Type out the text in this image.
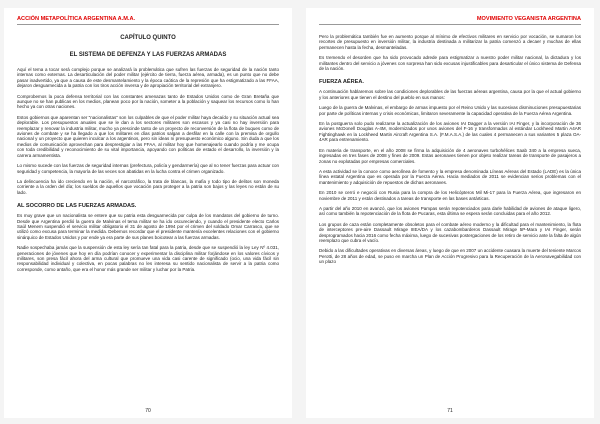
ACCIÓN METAPOLÍTICA ARGENTINA A.M.A.
CAPÍTULO QUINTO
EL SISTEMA DE DEFENZA Y LAS FUERZAS ARMADAS

Aquí el tema a tocar será complejo porque se analizará la problemática que sufren las fuerzas de seguridad de la nación tanto internas como externas. La desarticulación del poder militar (ejército de tierra, fuerza aérea, armada), es un punto que no debe pasar inadvertido, ya que a causa de este desmantelamiento y la época caótica de la represión que ha estigmatizado a las FFAA, dejaron desguarnecida a la patria con los tiros acción inversa y de apropiación territorial del extranjero.

Comprobemos la poca defensa territorial con las constantes amenazas tanto de Estados Unidos como de Gran Bretaña que aunque no se han publicas en los medios, planean poco por la nación, someter a la población y saquear los recursos como lo han hecho ya con otras naciones.

Estos gobiernos que aparentan ser "nacionalistas" son los culpables de que el poder militar haya decaído y su situación actual sea deplorable. Los presupuestos anuales que se le dan a los sectores militares son escasos y ya casi no hay inversión para reemplazar y renovar la industria militar, mucho ya prescinde tanto de un proyecto de reconversión de la flota de buques como de aviones de combate y se ha llegado a que los militares en días patrios salgan a desfilar en la calle con la premisa de orgullo nacional y un proyecto que quieren inculcar a los argentinos, pero sin ideas ni presupuesto económico alguno. Sin duda a que los medios de comunicación aprovechan para desprestigiar a las FFAA, al militar hoy que homenajearlo cuando podría y me ocupa con toda credibilidad y reconocimiento de su vital importancia, apoyando con políticas de estado el desarrollo, la inversión y la carrera armamentista.

Lo mismo sucede con las fuerzas de seguridad internas (prefectura, policía y gendarmería) que al no tener fuerzas para actuar con seguridad y competencia, la mayoría de las veces son abatidas en la lucha contra el crimen organizado.

La delincuencia ha ido creciendo en la nación, el narcotráfico, la trata de blancas, la mafia y todo tipo de delitos son moneda corriente a la orden del día; los sueldos de aquellos que vocación para proteger a la patria son bajos y las leyes no están de su lado.

AL SOCORRO DE LAS FUERZAS ARMADAS.

Es muy grave que un nacionalista se entere que su patria esta desguarnecida por culpa de los mandatos del gobierno de turno. Desde que Argentina perdió la guerra de Malvinas el tema militar se ha ido oscureciendo, y cuando el presidente electo Carlos Saúl Menem suspendió el servicio militar obligatorio el 31 de agosto de 1994 por el crimen del soldado Omar Carrasco, que se utilizó como excusa para terminar la medida. Debemos recordar que el presidente mantenía excelentes relaciones con el gobierno sinárquico de Estados Unidos y por ende ya era parte de sus planes boicotear a las fuerzas armadas.

Nadie sospechaba jamás que la suspensión de esta ley sería tan fatal para la patria, desde que se suspendió la ley Ley Nº 4.031, generaciones de jóvenes que hoy en día podrían conocer y experimentar la disciplina militar forjándose en los valores cívicos y militares, son presa fácil ahora del arma cultural que promueve una vida casi carente de significado (ocio, una vida fácil sin responsabilidad individual y colectiva, en pocas palabras no les interesa su sentido nacionalista de servir a la patria como corresponde, como antaño, que era el honor más grande ser militar y luchar por la Patria.

70
MOVIMIENTO VEGANISTA ARGENTINA

Pero la problemática también fue en aumento porque al mínimo de efectivos militares en servicio por vocación, se sumaron los recortes de presupuesto en inversión militar, la industria destinada a militarizar la patria comenzó a decaer y muchas de ellas permanecen hasta la fecha, desmanteladas.

Es tremendo el desorden que ha sido provocado adrede para estigmatizar a nuestro poder militar nacional, la dictadura y los militantes dentro del servicio a jóvenes con sorpresa han sido excusas injustificables para desarticular el único sistema de Defensa de la nación.

FUERZA AÉREA.

A continuación hablaremos sobre las condiciones deplorables de las fuerzas aéreas argentina, causa por la que el actual gobierno y los anteriores que tienen el destino del pueblo en sus manos:

Luego de la guerra de Malvinas, el embargo de armas impuesto por el Reino Unido y las sucesivas disminuciones presupuestarias por parte de políticas internas y crisis económicas, limitaron severamente la capacidad operativa de la Fuerza Aérea Argentina.

En la postguerra solo pudo realizarse la actualización de los aviones IAI Dagger a la versión IAI Finger, y la incorporación de 36 aviones McDonell Douglas A-4M, modernizados por unos aviones del F-16 y transformados al estándar Lockheed Martin A4AR Fightinghawk en la Lockheed Martin Aircraft Argentina S.A. (F.M.A.S.A.) de las cuales 4 permanecen a sus variantes 5 plaza OA-4AR para entrenamiento.

En materia de transporte, en el año 2008 se firma la adquisición de 4 aeronaves turbohélices Saab 340 a la empresa sueca, ingresadas en tres fases de 2008 y fines de 2009. Estas aeronaves tienen por objeto realizar tareas de transporte de pasajeros a zonas no explotadas por empresas comerciales.

A esta actividad se la conoce como aerolínea de fomento y la empresa denominada Líneas Aéreas del Estado (LADE) es la única línea estatal Argentina que es operada por la Fuerza Aérea. Hacia mediados de 2011 se evidencian serios problemas con el mantenimiento y adquisición de repuestos de dichas aeronaves.

En 2010 se cerró e negoció con Rusia para la compra de los Helicópteros Mil Mi-17 para la Fuerza Aérea, que ingresaron en noviembre de 2011 y están destinados a tareas de transporte en las bases antárticas.

A partir del año 2010 en avanzó, que los aviones Pampas serán repotenciados para darle habilidad de aviones de ataque ligero, así como también la repotenciación de la flota de Pucaras, esta última se espera serán concluidas para el año 2012.

Los grupos de caza están completamente obsoletos para el combate aéreo moderno y la dificultad para el mantenimiento, la flota de interceptores pre-aire Dassault Mirage IIIEA/DA y los cazabombarderos Dassault Mirage 5P-Mara y IAI Finger, serán desprogramados hacia 2016 como fecha máxima, luego de sucesivas postergaciones de los retiro de servicio ante la falta de algún reemplazo que cubra el vacío.

Debido a las dificultades operativas en diversas áreas, y luego de que en 2007 un accidente cuasara la muerte del teniente Marcos Perotti, de 28 años de edad, se puso en marcha un Plan de Acción Progresivo para la Recuperación de la Aeronavegabilidad con un plazo

71
